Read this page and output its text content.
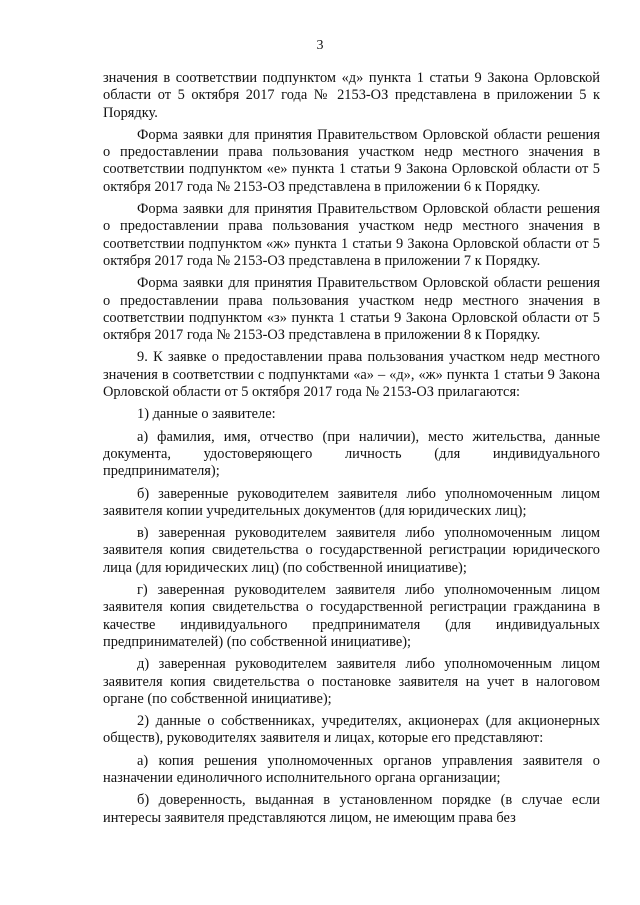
3

значения в соответствии подпунктом «д» пункта 1 статьи 9 Закона Орловской области от 5 октября 2017 года № 2153-ОЗ представлена в приложении 5 к Порядку.

Форма заявки для принятия Правительством Орловской области решения о предоставлении права пользования участком недр местного значения в соответствии подпунктом «е» пункта 1 статьи 9 Закона Орловской области от 5 октября 2017 года № 2153-ОЗ представлена в приложении 6 к Порядку.

Форма заявки для принятия Правительством Орловской области решения о предоставлении права пользования участком недр местного значения в соответствии подпунктом «ж» пункта 1 статьи 9 Закона Орловской области от 5 октября 2017 года № 2153-ОЗ представлена в приложении 7 к Порядку.

Форма заявки для принятия Правительством Орловской области решения о предоставлении права пользования участком недр местного значения в соответствии подпунктом «з» пункта 1 статьи 9 Закона Орловской области от 5 октября 2017 года № 2153-ОЗ представлена в приложении 8 к Порядку.

9. К заявке о предоставлении права пользования участком недр местного значения в соответствии с подпунктами «а» – «д», «ж» пункта 1 статьи 9 Закона Орловской области от 5 октября 2017 года № 2153-ОЗ прилагаются:

1) данные о заявителе:

а) фамилия, имя, отчество (при наличии), место жительства, данные документа, удостоверяющего личность (для индивидуального предпринимателя);

б) заверенные руководителем заявителя либо уполномоченным лицом заявителя копии учредительных документов (для юридических лиц);

в) заверенная руководителем заявителя либо уполномоченным лицом заявителя копия свидетельства о государственной регистрации юридического лица (для юридических лиц) (по собственной инициативе);

г) заверенная руководителем заявителя либо уполномоченным лицом заявителя копия свидетельства о государственной регистрации гражданина в качестве индивидуального предпринимателя (для индивидуальных предпринимателей) (по собственной инициативе);

д) заверенная руководителем заявителя либо уполномоченным лицом заявителя копия свидетельства о постановке заявителя на учет в налоговом органе (по собственной инициативе);

2) данные о собственниках, учредителях, акционерах (для акционерных обществ), руководителях заявителя и лицах, которые его представляют:

а) копия решения уполномоченных органов управления заявителя о назначении единоличного исполнительного органа организации;

б) доверенность, выданная в установленном порядке (в случае если интересы заявителя представляются лицом, не имеющим права без
